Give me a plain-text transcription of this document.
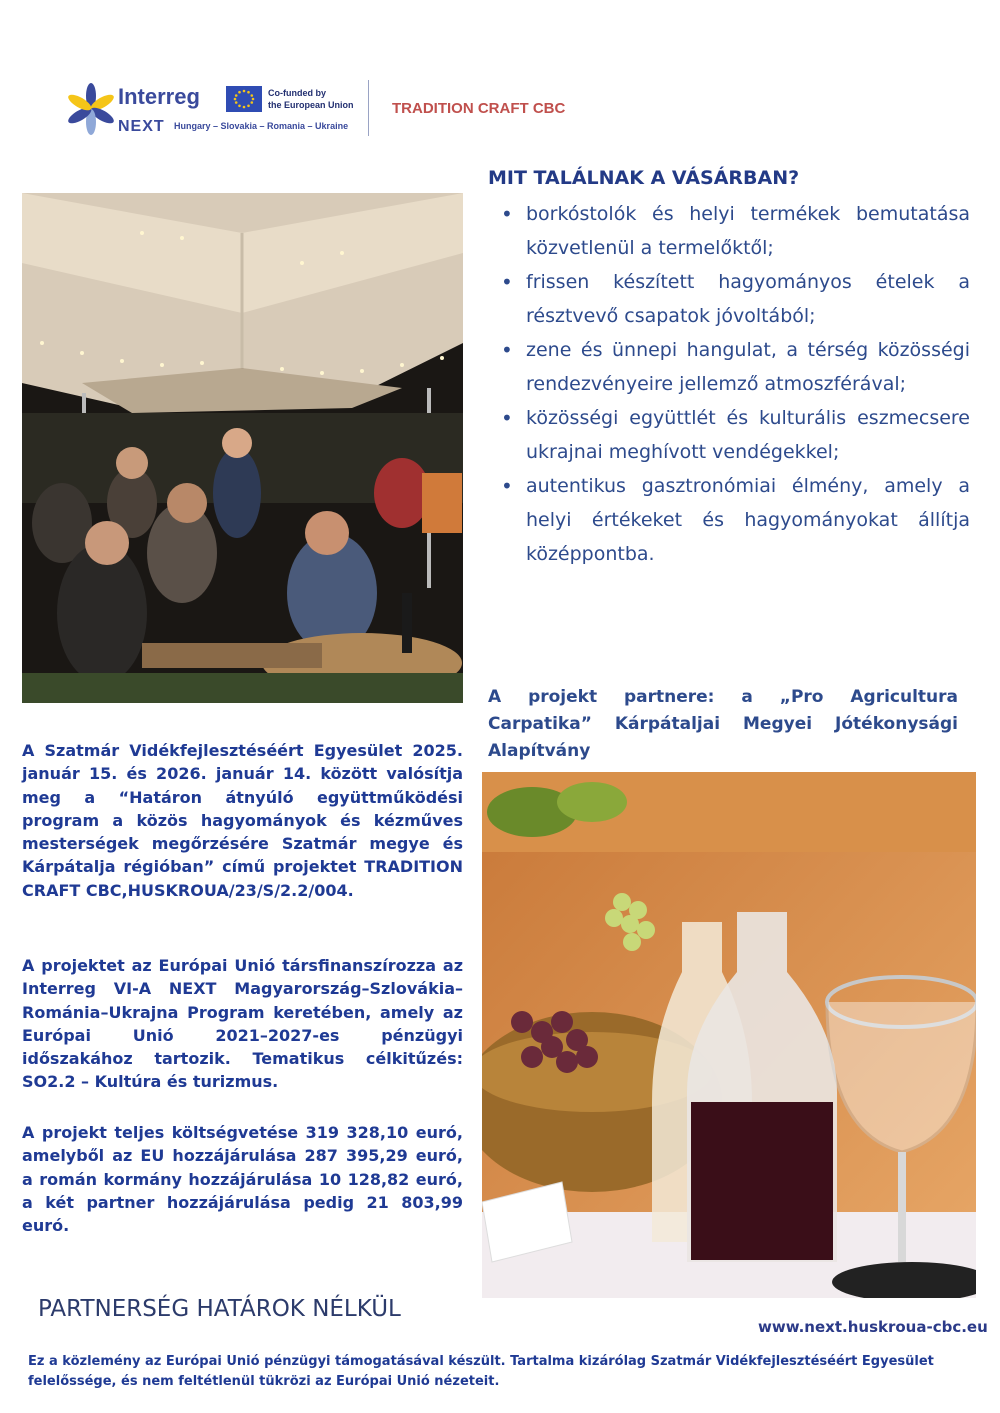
Interreg
NEXT Hungary – Slovakia – Romania – Ukraine
Co-funded by
the European Union	TRADITION CRAFT CBC
MIT TALÁLNAK A VÁSÁRBAN?
• borkóstolók és helyi termékek bemutatása közvetlenül a termelőktől;
• frissen készített hagyományos ételek a résztvevő csapatok jóvoltából;
• zene és ünnepi hangulat, a térség közösségi rendezvényeire jellemző atmoszférával;
• közösségi együttlét és kulturális eszmecsere ukrajnai meghívott vendégekkel;
• autentikus gasztronómiai élmény, amely a helyi értékeket és hagyományokat állítja középpontba.
A projekt partnere: a „Pro Agricultura Carpatika” Kárpátaljai Megyei Jótékonysági Alapítvány

A Szatmár Vidékfejlesztéséért Egyesület 2025. január 15. és 2026. január 14. között valósítja meg a “Határon átnyúló együttműködési program a közös hagyományok és kézműves mesterségek megőrzésére Szatmár megye és Kárpátalja régióban” című projektet TRADITION CRAFT CBC,HUSKROUA/23/S/2.2/004.

A projektet az Európai Unió társfinanszírozza az Interreg VI-A NEXT Magyarország–Szlovákia–Románia–Ukrajna Program keretében, amely az Európai Unió 2021–2027-es pénzügyi időszakához tartozik. Tematikus célkitűzés: SO2.2 – Kultúra és turizmus.

A projekt teljes költségvetése 319 328,10 euró, amelyből az EU hozzájárulása 287 395,29 euró, a román kormány hozzájárulása 10 128,82 euró, a két partner hozzájárulása pedig 21 803,99 euró.

PARTNERSÉG HATÁROK NÉLKÜL
www.next.huskroua-cbc.eu
Ez a közlemény az Európai Unió pénzügyi támogatásával készült. Tartalma kizárólag Szatmár Vidékfejlesztéséért Egyesület felelőssége, és nem feltétlenül tükrözi az Európai Unió nézeteit.
